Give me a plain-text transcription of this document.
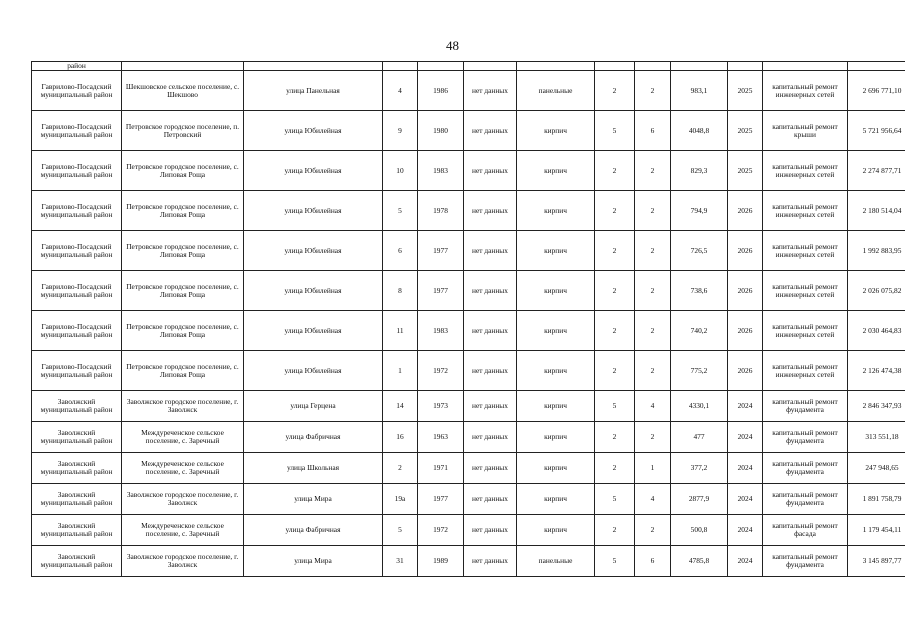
48
район												
Гаврилово-Посадский муниципальный район	Шекшовское сельское поселение, с. Шекшово	улица Панельная	4	1986	нет данных	панельные	2	2	983,1	2025	капитальный ремонт инженерных сетей	2 696 771,10
Гаврилово-Посадский муниципальный район	Петровское городское поселение, п. Петровский	улица Юбилейная	9	1980	нет данных	кирпич	5	6	4048,8	2025	капитальный ремонт крыши	5 721 956,64
Гаврилово-Посадский муниципальный район	Петровское городское поселение, с. Липовая Роща	улица Юбилейная	10	1983	нет данных	кирпич	2	2	829,3	2025	капитальный ремонт инженерных сетей	2 274 877,71
Гаврилово-Посадский муниципальный район	Петровское городское поселение, с. Липовая Роща	улица Юбилейная	5	1978	нет данных	кирпич	2	2	794,9	2026	капитальный ремонт инженерных сетей	2 180 514,04
Гаврилово-Посадский муниципальный район	Петровское городское поселение, с. Липовая Роща	улица Юбилейная	6	1977	нет данных	кирпич	2	2	726,5	2026	капитальный ремонт инженерных сетей	1 992 883,95
Гаврилово-Посадский муниципальный район	Петровское городское поселение, с. Липовая Роща	улица Юбилейная	8	1977	нет данных	кирпич	2	2	738,6	2026	капитальный ремонт инженерных сетей	2 026 075,82
Гаврилово-Посадский муниципальный район	Петровское городское поселение, с. Липовая Роща	улица Юбилейная	11	1983	нет данных	кирпич	2	2	740,2	2026	капитальный ремонт инженерных сетей	2 030 464,83
Гаврилово-Посадский муниципальный район	Петровское городское поселение, с. Липовая Роща	улица Юбилейная	1	1972	нет данных	кирпич	2	2	775,2	2026	капитальный ремонт инженерных сетей	2 126 474,38
Заволжский муниципальный район	Заволжское городское поселение, г. Заволжск	улица Герцена	14	1973	нет данных	кирпич	5	4	4330,1	2024	капитальный ремонт фундамента	2 846 347,93
Заволжский муниципальный район	Междуреченское сельское поселение, с. Заречный	улица Фабричная	16	1963	нет данных	кирпич	2	2	477	2024	капитальный ремонт фундамента	313 551,18
Заволжский муниципальный район	Междуреченское сельское поселение, с. Заречный	улица Школьная	2	1971	нет данных	кирпич	2	1	377,2	2024	капитальный ремонт фундамента	247 948,65
Заволжский муниципальный район	Заволжское городское поселение, г. Заволжск	улица Мира	19а	1977	нет данных	кирпич	5	4	2877,9	2024	капитальный ремонт фундамента	1 891 758,79
Заволжский муниципальный район	Междуреченское сельское поселение, с. Заречный	улица Фабричная	5	1972	нет данных	кирпич	2	2	500,8	2024	капитальный ремонт фасада	1 179 454,11
Заволжский муниципальный район	Заволжское городское поселение, г. Заволжск	улица Мира	31	1989	нет данных	панельные	5	6	4785,8	2024	капитальный ремонт фундамента	3 145 897,77
